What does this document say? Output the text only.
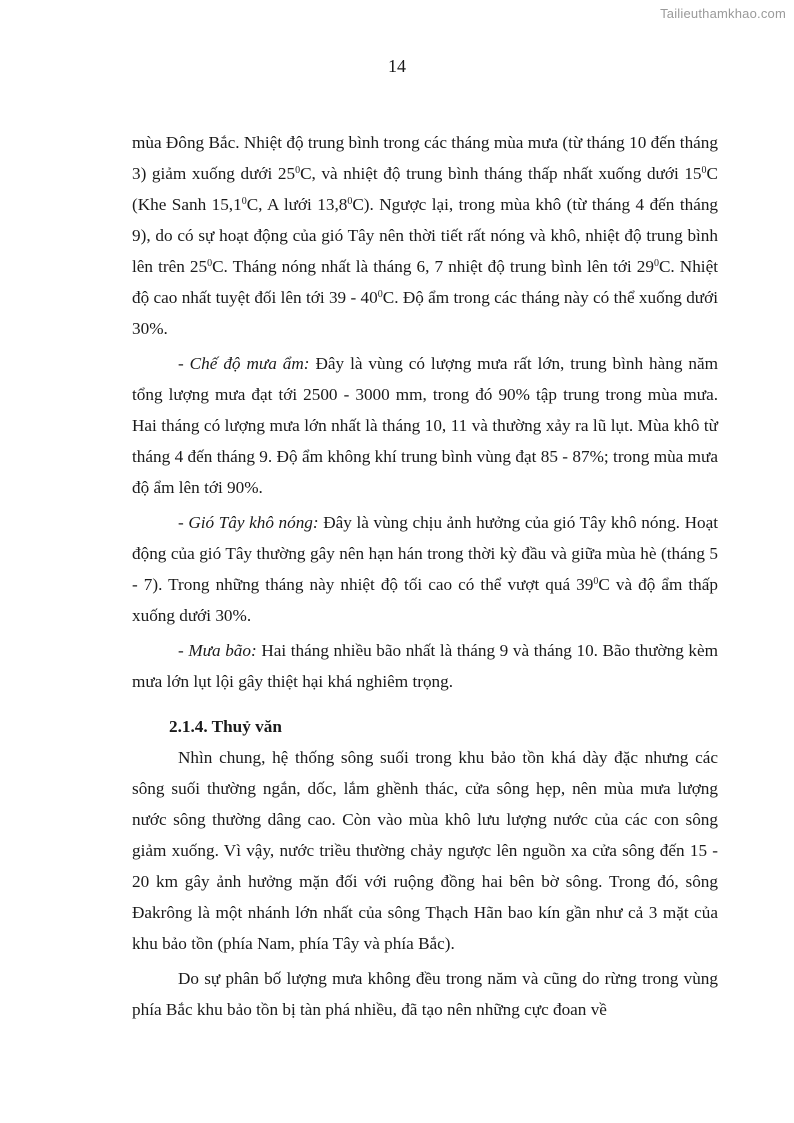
Tailieuthamkhao.com
14

mùa Đông Bắc. Nhiệt độ trung bình trong các tháng mùa mưa (từ tháng 10 đến tháng 3) giảm xuống dưới $25^0C$, và nhiệt độ trung bình tháng thấp nhất xuống dưới $15^0C$ (Khe Sanh 15,1$^0$C, A lưới 13,8$^0$C). Ngược lại, trong mùa khô (từ tháng 4 đến tháng 9), do có sự hoạt động của gió Tây nên thời tiết rất nóng và khô, nhiệt độ trung bình lên trên $25^0C$. Tháng nóng nhất là tháng 6, 7 nhiệt độ trung bình lên tới $29^0C$. Nhiệt độ cao nhất tuyệt đối lên tới $39 - 40^0C$. Độ ẩm trong các tháng này có thể xuống dưới 30%.

- Chế độ mưa ẩm: Đây là vùng có lượng mưa rất lớn, trung bình hàng năm tổng lượng mưa đạt tới 2500 - 3000 mm, trong đó 90% tập trung trong mùa mưa. Hai tháng có lượng mưa lớn nhất là tháng 10, 11 và thường xảy ra lũ lụt. Mùa khô từ tháng 4 đến tháng 9. Độ ẩm không khí trung bình vùng đạt 85 - 87%; trong mùa mưa độ ẩm lên tới 90%.

- Gió Tây khô nóng: Đây là vùng chịu ảnh hưởng của gió Tây khô nóng. Hoạt động của gió Tây thường gây nên hạn hán trong thời kỳ đầu và giữa mùa hè (tháng 5 - 7). Trong những tháng này nhiệt độ tối cao có thể vượt quá $39^0C$ và độ ẩm thấp xuống dưới 30%.

- Mưa bão: Hai tháng nhiều bão nhất là tháng 9 và tháng 10. Bão thường kèm mưa lớn lụt lội gây thiệt hại khá nghiêm trọng.

2.1.4. Thuỷ văn

Nhìn chung, hệ thống sông suối trong khu bảo tồn khá dày đặc nhưng các sông suối thường ngắn, dốc, lắm ghềnh thác, cửa sông hẹp, nên mùa mưa lượng nước sông thường dâng cao. Còn vào mùa khô lưu lượng nước của các con sông giảm xuống. Vì vậy, nước triều thường chảy ngược lên nguồn xa cửa sông đến 15 - 20 km gây ảnh hưởng mặn đối với ruộng đồng hai bên bờ sông. Trong đó, sông Đakrông là một nhánh lớn nhất của sông Thạch Hãn bao kín gần như cả 3 mặt của khu bảo tồn (phía Nam, phía Tây và phía Bắc).

Do sự phân bố lượng mưa không đều trong năm và cũng do rừng trong vùng phía Bắc khu bảo tồn bị tàn phá nhiều, đã tạo nên những cực đoan về
